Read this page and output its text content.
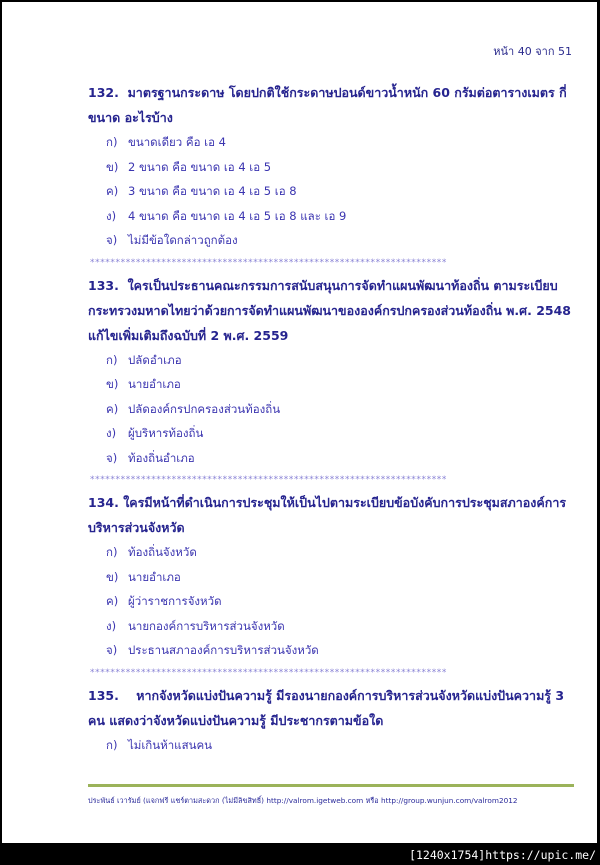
หน้า 40 จาก 51

132. มาตรฐานกระดาษ โดยปกติใช้กระดาษปอนด์ขาวน้ำหนัก 60 กรัมต่อตารางเมตร กี่ขนาด อะไรบ้าง

ก) ขนาดเดียว คือ เอ 4
ข) 2 ขนาด คือ ขนาด เอ 4 เอ 5
ค) 3 ขนาด คือ ขนาด เอ 4 เอ 5 เอ 8
ง) 4 ขนาด คือ ขนาด เอ 4 เอ 5 เอ 8 และ เอ 9
จ) ไม่มีข้อใดกล่าวถูกต้อง
**********************************************************************

133. ใครเป็นประธานคณะกรรมการสนับสนุนการจัดทำแผนพัฒนาท้องถิ่น ตามระเบียบกระทรวงมหาดไทยว่าด้วยการจัดทำแผนพัฒนาขององค์กรปกครองส่วนท้องถิ่น พ.ศ. 2548 แก้ไขเพิ่มเติมถึงฉบับที่ 2 พ.ศ. 2559

ก) ปลัดอำเภอ
ข) นายอำเภอ
ค) ปลัดองค์กรปกครองส่วนท้องถิ่น
ง) ผู้บริหารท้องถิ่น
จ) ท้องถิ่นอำเภอ
**********************************************************************

134. ใครมีหน้าที่ดำเนินการประชุมให้เป็นไปตามระเบียบข้อบังคับการประชุมสภาองค์การบริหารส่วนจังหวัด

ก) ท้องถิ่นจังหวัด
ข) นายอำเภอ
ค) ผู้ว่าราชการจังหวัด
ง) นายกองค์การบริหารส่วนจังหวัด
จ) ประธานสภาองค์การบริหารส่วนจังหวัด
**********************************************************************

135. หากจังหวัดแบ่งปันความรู้ มีรองนายกองค์การบริหารส่วนจังหวัดแบ่งปันความรู้ 3 คน แสดงว่าจังหวัดแบ่งปันความรู้ มีประชากรตามข้อใด

ก) ไม่เกินห้าแสนคน
ประพันธ์ เวารัมย์ (แจกฟรี แชร์ตามสะดวก (ไม่มีลิขสิทธิ์) http://valrom.igetweb.com หรือ http://group.wunjun.com/valrom2012
[1240x1754]https://upic.me/
